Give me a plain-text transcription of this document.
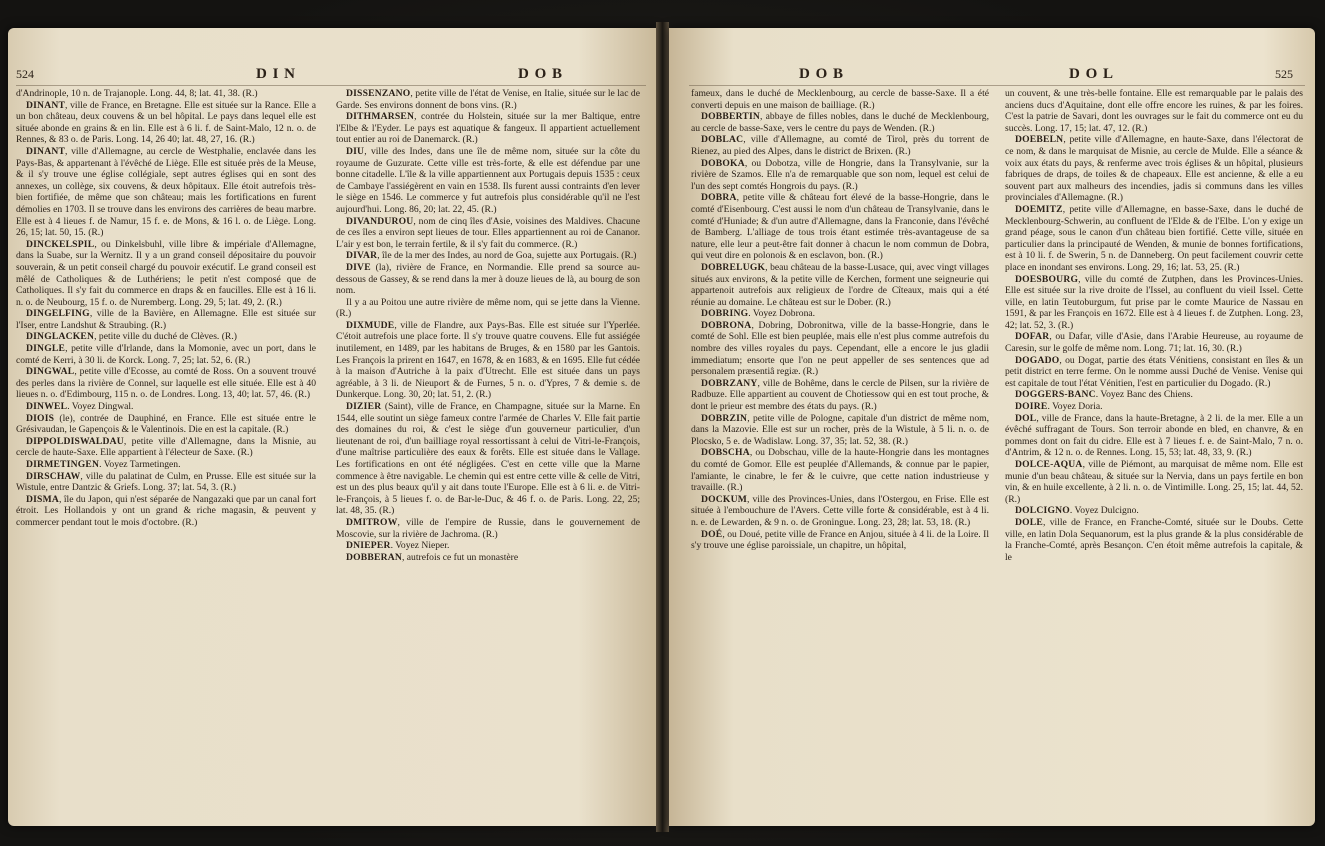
524	D I N	D O B

d'Andrinople, 10 n. de Trajanople. Long. 44, 8; lat. 41, 38. (R.)

DINANT, ville de France, en Bretagne. Elle est située sur la Rance. Elle a un bon château, deux couvens & un bel hôpital. Le pays dans lequel elle est située abonde en grains & en lin. Elle est à 6 li. f. de Saint-Malo, 12 n. o. de Rennes, & 83 o. de Paris. Long. 14, 26 40; lat. 48, 27, 16. (R.)

DINANT, ville d'Allemagne, au cercle de Westphalie, enclavée dans les Pays-Bas, & appartenant à l'évêché de Liège. Elle est située près de la Meuse, & il s'y trouve une église collégiale, sept autres églises qui en sont des annexes, un collège, six couvens, & deux hôpitaux. Elle étoit autrefois très-bien fortifiée, de même que son château; mais les fortifications en furent démolies en 1703. Il se trouve dans les environs des carrières de beau marbre. Elle est à 4 lieues f. de Namur, 15 f. e. de Mons, & 16 l. o. de Liège. Long. 26, 15; lat. 50, 15. (R.)

DINCKELSPIL, ou Dinkelsbuhl, ville libre & impériale d'Allemagne, dans la Suabe, sur la Wernitz. Il y a un grand conseil dépositaire du pouvoir souverain, & un petit conseil chargé du pouvoir exécutif. Le grand conseil est mêlé de Catholiques & de Luthériens; le petit n'est composé que de Catholiques. Il s'y fait du commerce en draps & en faucilles. Elle est à 16 li. n. o. de Neubourg, 15 f. o. de Nuremberg. Long. 29, 5; lat. 49, 2. (R.)

DINGELFING, ville de la Bavière, en Allemagne. Elle est située sur l'Iser, entre Landshut & Straubing. (R.)

DINGLACKEN, petite ville du duché de Clèves. (R.)

DINGLE, petite ville d'Irlande, dans la Momonie, avec un port, dans le comté de Kerri, à 30 li. de Korck. Long. 7, 25; lat. 52, 6. (R.)

DINGWAL, petite ville d'Ecosse, au comté de Ross. On a souvent trouvé des perles dans la rivière de Connel, sur laquelle est elle située. Elle est à 40 lieues n. o. d'Edimbourg, 115 n. o. de Londres. Long. 13, 40; lat. 57, 46. (R.)

DINWEL. Voyez Dingwal.

DIOIS (le), contrée de Dauphiné, en France. Elle est située entre le Grésivaudan, le Gapençois & le Valentinois. Die en est la capitale. (R.)

DIPPOLDISWALDAU, petite ville d'Allemagne, dans la Misnie, au cercle de haute-Saxe. Elle appartient à l'électeur de Saxe. (R.)

DIRMETINGEN. Voyez Tarmetingen.

DIRSCHAW, ville du palatinat de Culm, en Prusse. Elle est située sur la Wistule, entre Dantzic & Griefs. Long. 37; lat. 54, 3. (R.)

DISMA, île du Japon, qui n'est séparée de Nangazaki que par un canal fort étroit. Les Hollandois y ont un grand & riche magasin, & peuvent y commercer pendant tout le mois d'octobre. (R.)

DISSENZANO, petite ville de l'état de Venise, en Italie, située sur le lac de Garde. Ses environs donnent de bons vins. (R.)

DITHMARSEN, contrée du Holstein, située sur la mer Baltique, entre l'Elbe & l'Eyder. Le pays est aquatique & fangeux. Il appartient actuellement tout entier au roi de Danemarck. (R.)

DIU, ville des Indes, dans une île de même nom, située sur la côte du royaume de Guzurate. Cette ville est très-forte, & elle est défendue par une bonne citadelle. L'île & la ville appartiennent aux Portugais depuis 1535 : ceux de Cambaye l'assiégèrent en vain en 1538. Ils furent aussi contraints d'en lever le siège en 1546. Le commerce y fut autrefois plus considérable qu'il ne l'est aujourd'hui. Long. 86, 20; lat. 22, 45. (R.)

DIVANDUROU, nom de cinq îles d'Asie, voisines des Maldives. Chacune de ces îles a environ sept lieues de tour. Elles appartiennent au roi de Cananor. L'air y est bon, le terrain fertile, & il s'y fait du commerce. (R.)

DIVAR, île de la mer des Indes, au nord de Goa, sujette aux Portugais. (R.)

DIVE (la), rivière de France, en Normandie. Elle prend sa source au-dessous de Gassey, & se rend dans la mer à douze lieues de là, au bourg de son nom.

Il y a au Poitou une autre rivière de même nom, qui se jette dans la Vienne. (R.)

DIXMUDE, ville de Flandre, aux Pays-Bas. Elle est située sur l'Yperlée. C'étoit autrefois une place forte. Il s'y trouve quatre couvens. Elle fut assiégée inutilement, en 1489, par les habitans de Bruges, & en 1580 par les Gantois. Les François la prirent en 1647, en 1678, & en 1683, & en 1695. Elle fut cédée à la maison d'Autriche à la paix d'Utrecht. Elle est située dans un pays agréable, à 3 li. de Nieuport & de Furnes, 5 n. o. d'Ypres, 7 & demie s. de Dunkerque. Long. 30, 20; lat. 51, 2. (R.)

DIZIER (Saint), ville de France, en Champagne, située sur la Marne. En 1544, elle soutint un siège fameux contre l'armée de Charles V. Elle fait partie des domaines du roi, & c'est le siège d'un gouverneur particulier, d'un lieutenant de roi, d'un bailliage royal ressortissant à celui de Vitri-le-François, d'une maîtrise particulière des eaux & forêts. Elle est située dans le Vallage. Les fortifications en ont été négligées. C'est en cette ville que la Marne commence à être navigable. Le chemin qui est entre cette ville & celle de Vitri, est un des plus beaux qu'il y ait dans toute l'Europe. Elle est à 6 li. e. de Vitri-le-François, à 5 lieues f. o. de Bar-le-Duc, & 46 f. o. de Paris. Long. 22, 25; lat. 48, 35. (R.)

DMITROW, ville de l'empire de Russie, dans le gouvernement de Moscovie, sur la rivière de Jachroma. (R.)

DNIEPER. Voyez Nieper.

DOBBERAN, autrefois ce fut un monastère

D O B	D O L	525

fameux, dans le duché de Mecklenbourg, au cercle de basse-Saxe. Il a été converti depuis en une maison de bailliage. (R.)

DOBBERTIN, abbaye de filles nobles, dans le duché de Mecklenbourg, au cercle de basse-Saxe, vers le centre du pays de Wenden. (R.)

DOBLAC, ville d'Allemagne, au comté de Tirol, près du torrent de Rienez, au pied des Alpes, dans le district de Brixen. (R.)

DOBOKA, ou Dobotza, ville de Hongrie, dans la Transylvanie, sur la rivière de Szamos. Elle n'a de remarquable que son nom, lequel est celui de l'un des sept comtés Hongrois du pays. (R.)

DOBRA, petite ville & château fort élevé de la basse-Hongrie, dans le comté d'Eisenbourg. C'est aussi le nom d'un château de Transylvanie, dans le comté d'Huniade; & d'un autre d'Allemagne, dans la Franconie, dans l'évêché de Bamberg. L'alliage de tous trois étant estimée très-avantageuse de sa nature, elle leur a peut-être fait donner à chacun le nom commun de Dobra, qui veut dire en polonois & en esclavon, bon. (R.)

DOBRELUGK, beau château de la basse-Lusace, qui, avec vingt villages situés aux environs, & la petite ville de Kerchen, forment une seigneurie qui appartenoit autrefois aux religieux de l'ordre de Cîteaux, mais qui a été réunie au domaine. Le château est sur le Dober. (R.)

DOBRING. Voyez Dobrona.

DOBRONA, Dobring, Dobronitwa, ville de la basse-Hongrie, dans le comté de Sohl. Elle est bien peuplée, mais elle n'est plus comme autrefois du nombre des villes royales du pays. Cependant, elle a encore le jus gladii immediatum; ensorte que l'on ne peut appeller de ses sentences que ad personalem præsentiâ regiæ. (R.)

DOBRZANY, ville de Bohême, dans le cercle de Pilsen, sur la rivière de Radbuze. Elle appartient au couvent de Chotiessow qui en est tout proche, & dont le prieur est membre des états du pays. (R.)

DOBRZIN, petite ville de Pologne, capitale d'un district de même nom, dans la Mazovie. Elle est sur un rocher, près de la Wistule, à 5 li. n. o. de Plocsko, 5 e. de Wadislaw. Long. 37, 35; lat. 52, 38. (R.)

DOBSCHA, ou Dobschau, ville de la haute-Hongrie dans les montagnes du comté de Gomor. Elle est peuplée d'Allemands, & connue par le papier, l'amiante, le cinabre, le fer & le cuivre, que cette nation industrieuse y travaille. (R.)

DOCKUM, ville des Provinces-Unies, dans l'Ostergou, en Frise. Elle est située à l'embouchure de l'Avers. Cette ville forte & considérable, est à 4 li. n. e. de Lewarden, & 9 n. o. de Groningue. Long. 23, 28; lat. 53, 18. (R.)

DOÉ, ou Doué, petite ville de France en Anjou, située à 4 li. de la Loire. Il s'y trouve une église paroissiale, un chapitre, un hôpital,

un couvent, & une très-belle fontaine. Elle est remarquable par le palais des anciens ducs d'Aquitaine, dont elle offre encore les ruines, & par les foires. C'est la patrie de Savari, dont les ouvrages sur le fait du commerce ont eu du succès. Long. 17, 15; lat. 47, 12. (R.)

DOEBELN, petite ville d'Allemagne, en haute-Saxe, dans l'électorat de ce nom, & dans le marquisat de Misnie, au cercle de Mulde. Elle a séance & voix aux états du pays, & renferme avec trois églises & un hôpital, plusieurs fabriques de draps, de toiles & de chapeaux. Elle est ancienne, & elle a eu souvent part aux malheurs des incendies, jadis si communs dans les villes provinciales d'Allemagne. (R.)

DOEMITZ, petite ville d'Allemagne, en basse-Saxe, dans le duché de Mecklenbourg-Schwerin, au confluent de l'Elde & de l'Elbe. L'on y exige un grand péage, sous le canon d'un château bien fortifié. Cette ville, située en particulier dans la principauté de Wenden, & munie de bonnes fortifications, est à 10 li. f. de Swerin, 5 n. de Danneberg. On peut facilement couvrir cette place en inondant ses environs. Long. 29, 16; lat. 53, 25. (R.)

DOESBOURG, ville du comté de Zutphen, dans les Provinces-Unies. Elle est située sur la rive droite de l'Issel, au confluent du vieil Issel. Cette ville, en latin Teutoburgum, fut prise par le comte Maurice de Nassau en 1591, & par les François en 1672. Elle est à 4 lieues f. de Zutphen. Long. 23, 42; lat. 52, 3. (R.)

DOFAR, ou Dafar, ville d'Asie, dans l'Arabie Heureuse, au royaume de Caresin, sur le golfe de même nom. Long. 71; lat. 16, 30. (R.)

DOGADO, ou Dogat, partie des états Vénitiens, consistant en îles & un petit district en terre ferme. On le nomme aussi Duché de Venise. Venise qui est capitale de tout l'état Vénitien, l'est en particulier du Dogado. (R.)

DOGGERS-BANC. Voyez Banc des Chiens.

DOIRE. Voyez Doria.

DOL, ville de France, dans la haute-Bretagne, à 2 li. de la mer. Elle a un évêché suffragant de Tours. Son terroir abonde en bled, en chanvre, & en pommes dont on fait du cidre. Elle est à 7 lieues f. e. de Saint-Malo, 7 n. o. d'Antrim, & 12 n. o. de Rennes. Long. 15, 53; lat. 48, 33, 9. (R.)

DOLCE-AQUA, ville de Piémont, au marquisat de même nom. Elle est munie d'un beau château, & située sur la Nervia, dans un pays fertile en bon vin, & en huile excellente, à 2 li. n. o. de Vintimille. Long. 25, 15; lat. 44, 52. (R.)

DOLCIGNO. Voyez Dulcigno.

DOLE, ville de France, en Franche-Comté, située sur le Doubs. Cette ville, en latin Dola Sequanorum, est la plus grande & la plus considérable de la Franche-Comté, après Besançon. C'en étoit même autrefois la capitale, & le
